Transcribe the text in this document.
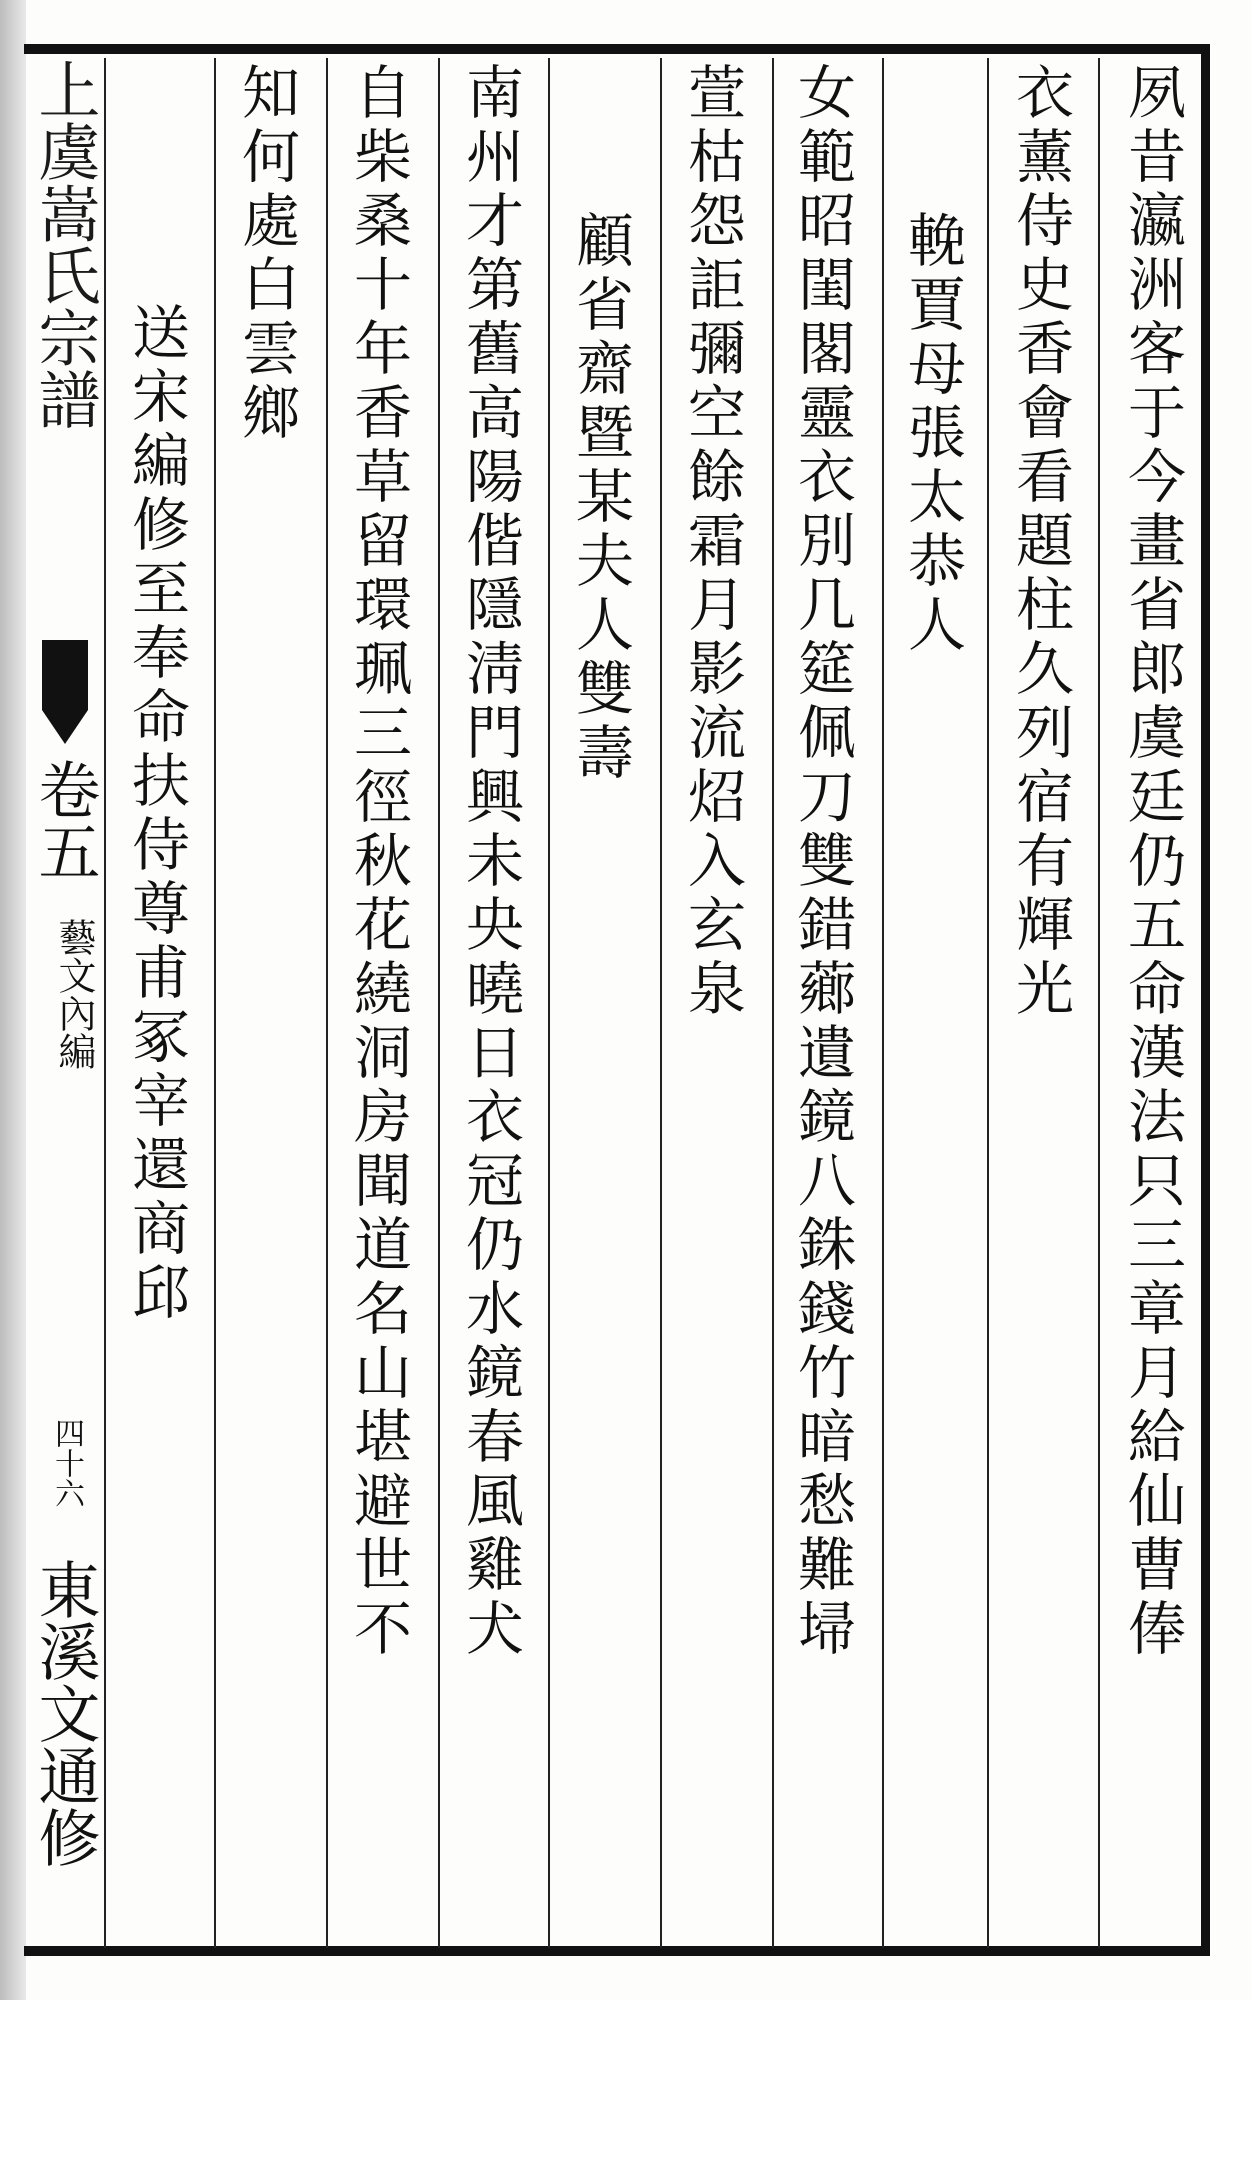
夙昔瀛洲客于今畫省郎虞廷仍五命漢法只三章月給仙曹俸
衣薰侍史香會看題柱久列宿有輝光
輓賈母張太恭人
女範昭閨閣靈衣別几筵佩刀雙錯薌遺鏡八銖錢竹暗愁難埽
萱枯怨詎彌空餘霜月影流炤入玄泉
顧省齋暨某夫人雙壽
南州才第舊高陽偕隱淸門興未央曉日衣冠仍水鏡春風雞犬
自柴桑十年香草留環珮三徑秋花繞洞房聞道名山堪避世不
知何處白雲鄉
送宋編修至奉命扶侍尊甫冢宰還商邱
上虞嵩氏宗譜
卷五
藝文內編
四十六
東溪文通修
